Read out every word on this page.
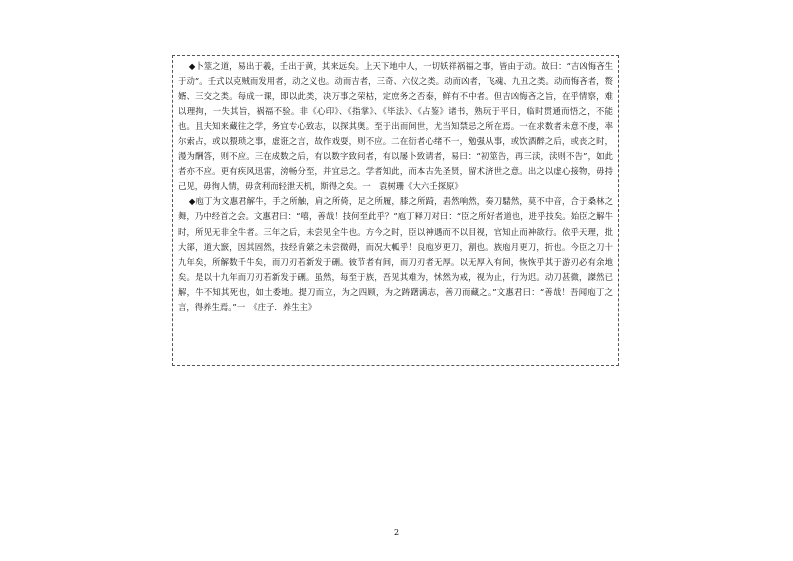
◆卜筮之道，易出于羲，壬出于黄，其来远矣。上天下地中人，一切妖祥祸福之事，皆由于动。故曰：“吉凶悔吝生于动”。壬式以克贼而发用者，动之义也。动而吉者，三奇、六仪之类。动而凶者，飞魂、九丑之类。动而悔吝者，赘婿、三交之类。每成一课，即以此类，决万事之荣枯，定庶务之否泰，鲜有不中者。但吉凶悔吝之旨，在乎情察，难以理拘，一失其旨，祸福不验。非《心印》、《指掌》、《毕法》、《占鉴》诸书，熟玩于平日，临时贯通而悟之，不能也。且夫知来藏往之学，务宜专心致志，以探其奥。至于出而间世，尤当知禁忌之所在焉。一在求数者未意不虔，率尔索占，或以猥琐之事，虚诳之言，故作戏耍，则不应。二在衍者心绪不一，勉强从事，或饮酒醉之后，或丧之时，漫为酬答，则不应。三在成数之后，有以数字致问者，有以屡卜致请者，易曰：“初筮告，再三渎，渎则不告”，如此者亦不应。更有疾风迅雷，滂畅分至，并宜忌之。学者知此，而本古先圣贤，留术济世之意。出之以虚心接物，毋持己见，毋徇人情，毋贪利而轻泄天机，斯得之矣。一　袁树珊《大六壬探原》

◆庖丁为文惠君解牛，手之所触，肩之所倚，足之所履，膝之所踦，砉然响然，奏刀騞然，莫不中音，合于桑林之舞，乃中经首之会。文惠君曰：“嘻，善哉！技何至此乎？”庖丁释刀对曰：“臣之所好者道也，进乎技矣。始臣之解牛时，所见无非全牛者。三年之后，未尝见全牛也。方今之时，臣以神遇而不以目视，官知止而神欲行。依乎天理，批大郤，道大窾，因其固然，技经肯綮之未尝微碍，而况大軱乎！良庖岁更刀，割也。族庖月更刀，折也。今臣之刀十九年矣，所解数千牛矣，而刀刃若新发于硎。彼节者有间，而刀刃者无厚。以无厚入有间，恢恢乎其于游刃必有余地矣。是以十九年而刀刃若新发于硎。虽然，每至于族，吾见其难为，怵然为戒，视为止，行为迟。动刀甚微，謋然已解，牛不知其死也，如土委地。提刀而立，为之四顾，为之踌躇满志，善刀而藏之。”文惠君曰：“善哉！吾闻庖丁之言，得养生焉。”一　《庄子．养生主》

2
